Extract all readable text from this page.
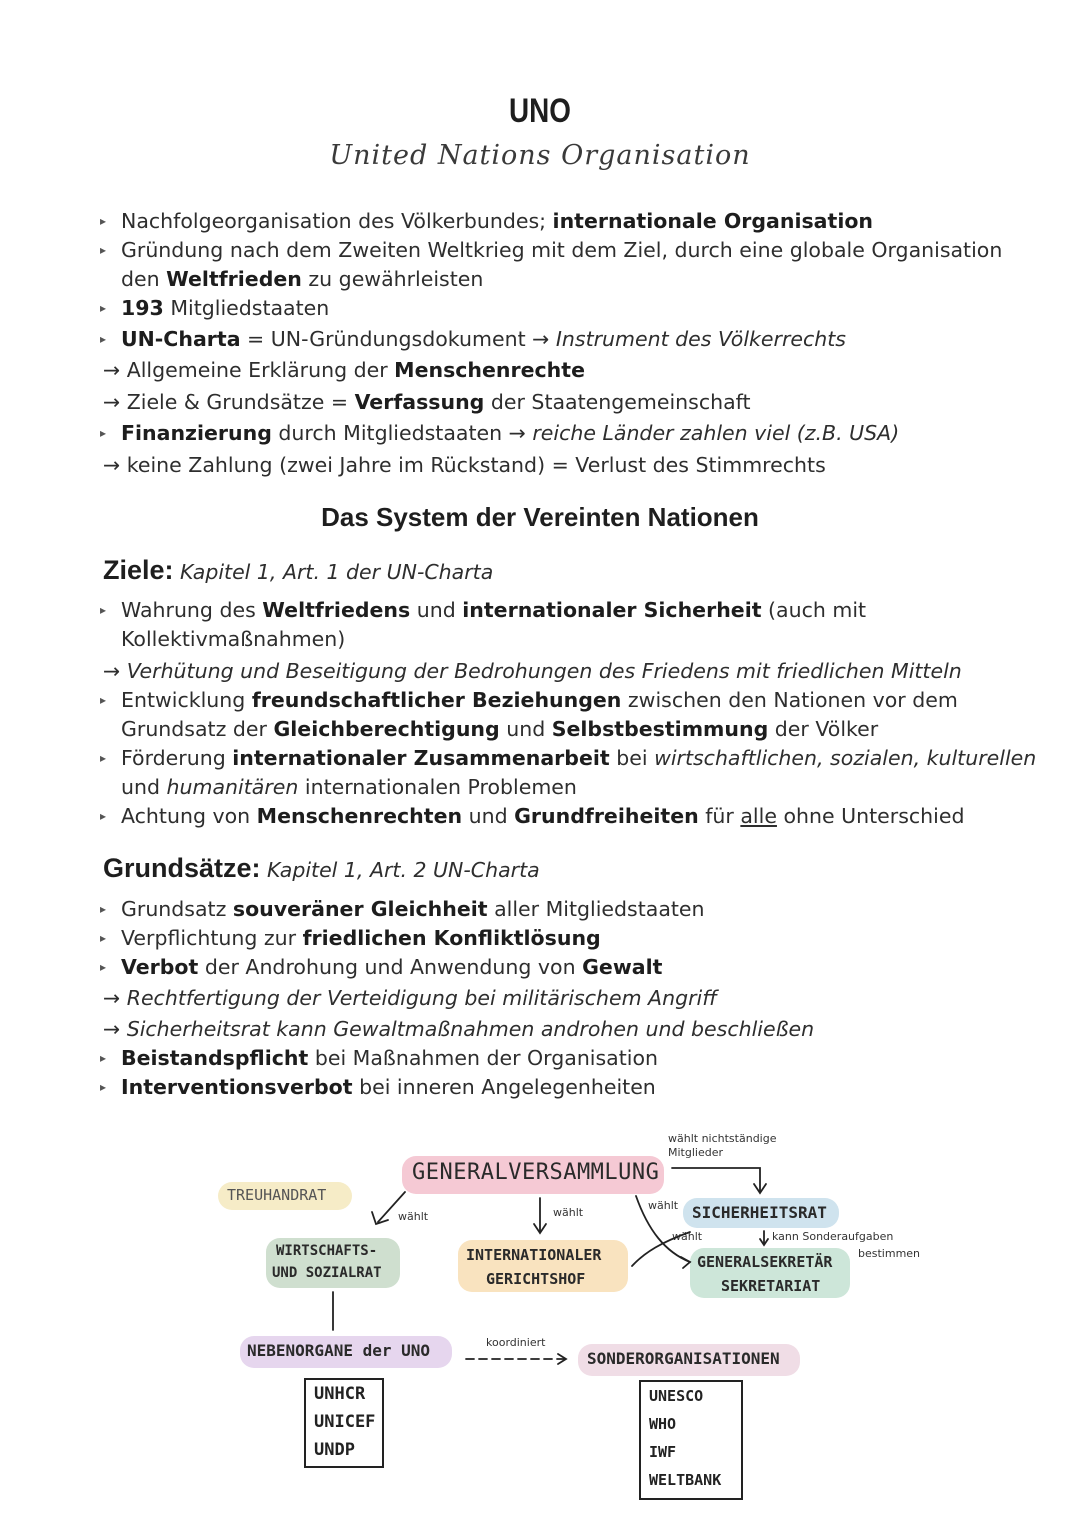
UNO
United Nations Organisation
▸ Nachfolgeorganisation des Völkerbundes; internationale Organisation
▸ Gründung nach dem Zweiten Weltkrieg mit dem Ziel, durch eine globale Organisation
den Weltfrieden zu gewährleisten
▸ 193 Mitgliedstaaten
▸ UN-Charta = UN-Gründungsdokument → Instrument des Völkerrechts
→ Allgemeine Erklärung der Menschenrechte
→ Ziele & Grundsätze = Verfassung der Staatengemeinschaft
▸ Finanzierung durch Mitgliedstaaten → reiche Länder zahlen viel (z.B. USA)
→ keine Zahlung (zwei Jahre im Rückstand) = Verlust des Stimmrechts
Das System der Vereinten Nationen
Ziele: Kapitel 1, Art. 1 der UN-Charta
▸ Wahrung des Weltfriedens und internationaler Sicherheit (auch mit
Kollektivmaßnahmen)
→ Verhütung und Beseitigung der Bedrohungen des Friedens mit friedlichen Mitteln
▸ Entwicklung freundschaftlicher Beziehungen zwischen den Nationen vor dem
Grundsatz der Gleichberechtigung und Selbstbestimmung der Völker
▸ Förderung internationaler Zusammenarbeit bei wirtschaftlichen, sozialen, kulturellen
und humanitären internationalen Problemen
▸ Achtung von Menschenrechten und Grundfreiheiten für alle ohne Unterschied
Grundsätze: Kapitel 1, Art. 2 UN-Charta
▸ Grundsatz souveräner Gleichheit aller Mitgliedstaaten
▸ Verpflichtung zur friedlichen Konfliktlösung
▸ Verbot der Androhung und Anwendung von Gewalt
→ Rechtfertigung der Verteidigung bei militärischem Angriff
→ Sicherheitsrat kann Gewaltmaßnahmen androhen und beschließen
▸ Beistandspflicht bei Maßnahmen der Organisation
▸ Interventionsverbot bei inneren Angelegenheiten
GENERALVERSAMMLUNG
TREUHANDRAT
WIRTSCHAFTS-
UND SOZIALRAT
INTERNATIONALER
GERICHTSHOF
SICHERHEITSRAT
GENERALSEKRETÄR
SEKRETARIAT
NEBENORGANE der UNO	SONDERORGANISATIONEN
wählt	wählt
wählt
wählt
wählt nichtständige
Mitglieder
kann Sonderaufgaben
bestimmen
koordiniert
UNHCR
UNICEF
UNDP
UNESCO
WHO
IWF
WELTBANK
